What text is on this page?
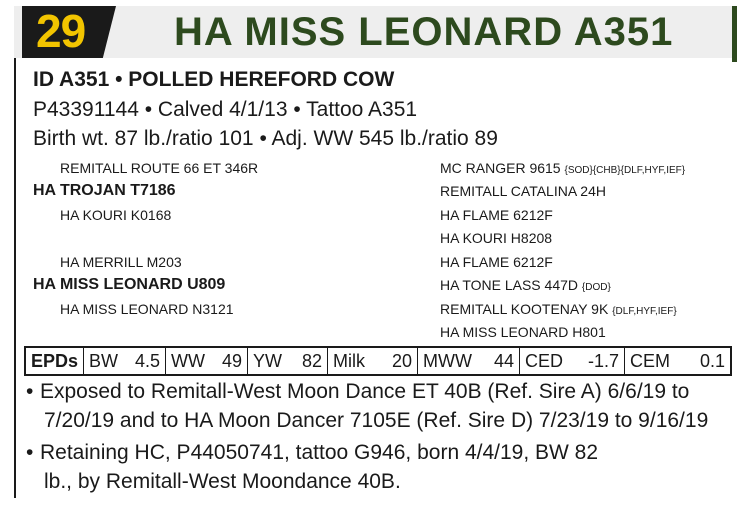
29 HA MISS LEONARD A351
ID A351 • POLLED HEREFORD COW
P43391144 • Calved 4/1/13 • Tattoo A351
Birth wt. 87 lb./ratio 101 • Adj. WW 545 lb./ratio 89
REMITALL ROUTE 66 ET 346R
HA TROJAN T7186
HA KOURI K0168
HA MERRILL M203
HA MISS LEONARD U809
HA MISS LEONARD N3121
MC RANGER 9615 {SOD}{CHB}{DLF,HYF,IEF}
REMITALL CATALINA 24H
HA FLAME 6212F
HA KOURI H8208
HA FLAME 6212F
HA TONE LASS 447D {DOD}
REMITALL KOOTENAY 9K {DLF,HYF,IEF}
HA MISS LEONARD H801
EPDs BW 4.5 WW 49 YW 82 Milk 20 MWW 44 CED -1.7 CEM 0.1
• Exposed to Remitall-West Moon Dance ET 40B (Ref. Sire A) 6/6/19 to
7/20/19 and to HA Moon Dancer 7105E (Ref. Sire D) 7/23/19 to 9/16/19
• Retaining HC, P44050741, tattoo G946, born 4/4/19, BW 82
lb., by Remitall-West Moondance 40B.
